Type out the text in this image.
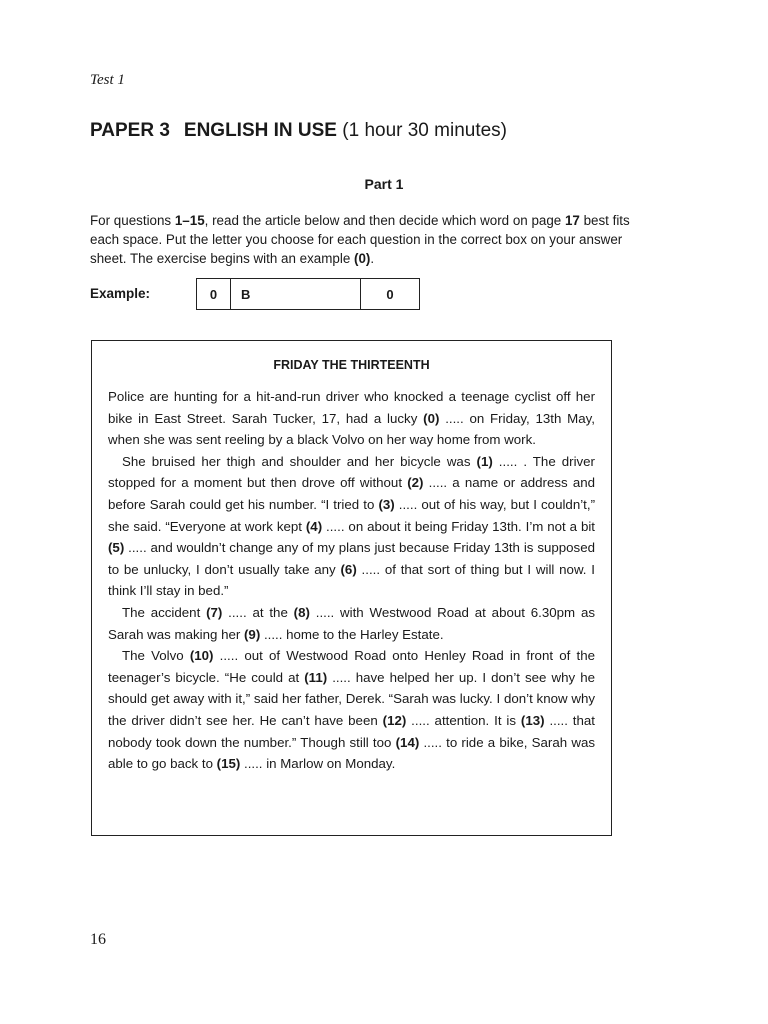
Test 1
PAPER 3 ENGLISH IN USE (1 hour 30 minutes)
Part 1
For questions 1–15, read the article below and then decide which word on page 17 best fits each space. Put the letter you choose for each question in the correct box on your answer sheet. The exercise begins with an example (0).
Example:	0	B	0
FRIDAY THE THIRTEENTH

Police are hunting for a hit-and-run driver who knocked a teenage cyclist off her bike in East Street. Sarah Tucker, 17, had a lucky (0) ..... on Friday, 13th May, when she was sent reeling by a black Volvo on her way home from work.

She bruised her thigh and shoulder and her bicycle was (1) ..... . The driver stopped for a moment but then drove off without (2) ..... a name or address and before Sarah could get his number. “I tried to (3) ..... out of his way, but I couldn’t,” she said. “Everyone at work kept (4) ..... on about it being Friday 13th. I’m not a bit (5) ..... and wouldn’t change any of my plans just because Friday 13th is supposed to be unlucky, I don’t usually take any (6) ..... of that sort of thing but I will now. I think I’ll stay in bed.”

The accident (7) ..... at the (8) ..... with Westwood Road at about 6.30pm as Sarah was making her (9) ..... home to the Harley Estate.

The Volvo (10) ..... out of Westwood Road onto Henley Road in front of the teenager’s bicycle. “He could at (11) ..... have helped her up. I don’t see why he should get away with it,” said her father, Derek. “Sarah was lucky. I don’t know why the driver didn’t see her. He can’t have been (12) ..... attention. It is (13) ..... that nobody took down the number.” Though still too (14) ..... to ride a bike, Sarah was able to go back to (15) ..... in Marlow on Monday.

16
